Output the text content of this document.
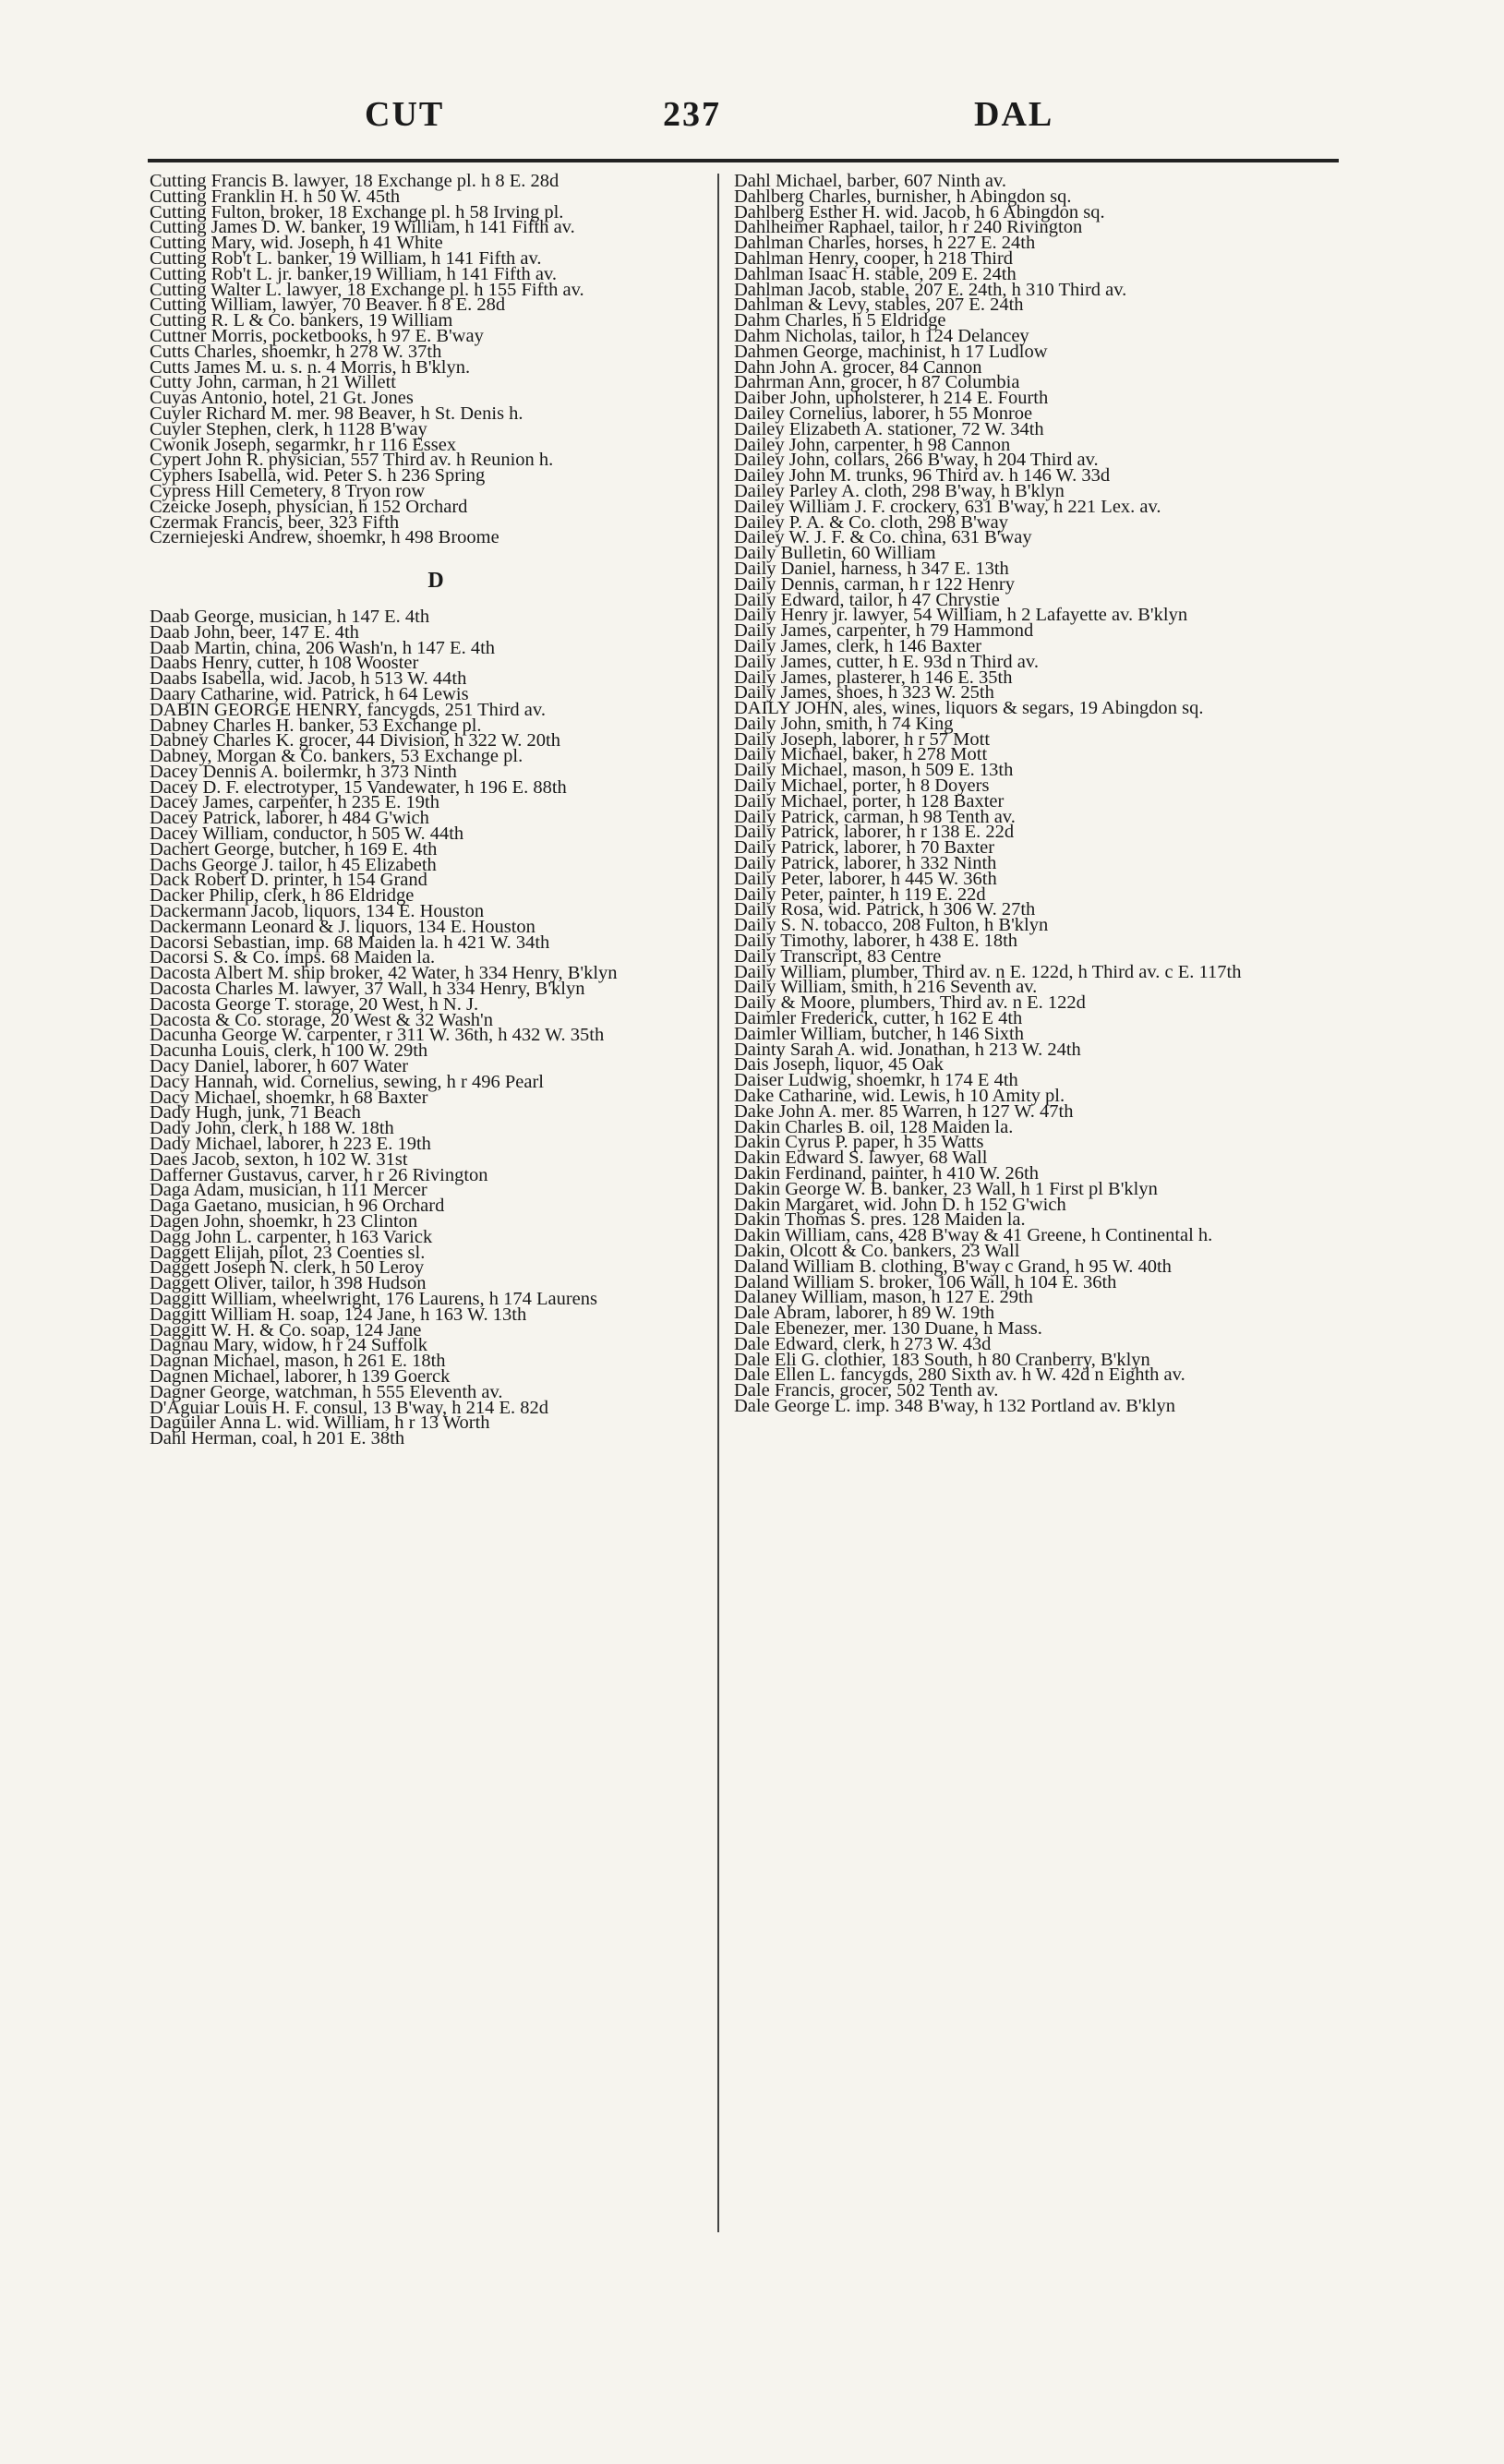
CUT	237	DAL

Cutting Francis B. lawyer, 18 Exchange pl. h 8 E. 28d

Cutting Franklin H. h 50 W. 45th

Cutting Fulton, broker, 18 Exchange pl. h 58 Irving pl.

Cutting James D. W. banker, 19 William, h 141 Fifth av.

Cutting Mary, wid. Joseph, h 41 White

Cutting Rob't L. banker, 19 William, h 141 Fifth av.

Cutting Rob't L. jr. banker,19 William, h 141 Fifth av.

Cutting Walter L. lawyer, 18 Exchange pl. h 155 Fifth av.

Cutting William, lawyer, 70 Beaver. h 8 E. 28d

Cutting R. L & Co. bankers, 19 William

Cuttner Morris, pocketbooks, h 97 E. B'way

Cutts Charles, shoemkr, h 278 W. 37th

Cutts James M. u. s. n. 4 Morris, h B'klyn.

Cutty John, carman, h 21 Willett

Cuyas Antonio, hotel, 21 Gt. Jones

Cuyler Richard M. mer. 98 Beaver, h St. Denis h.

Cuyler Stephen, clerk, h 1128 B'way

Cwonik Joseph, segarmkr, h r 116 Essex

Cypert John R. physician, 557 Third av. h Reunion h.

Cyphers Isabella, wid. Peter S. h 236 Spring

Cypress Hill Cemetery, 8 Tryon row

Czeicke Joseph, physician, h 152 Orchard

Czermak Francis, beer, 323 Fifth

Czerniejeski Andrew, shoemkr, h 498 Broome

D

Daab George, musician, h 147 E. 4th

Daab John, beer, 147 E. 4th

Daab Martin, china, 206 Wash'n, h 147 E. 4th

Daabs Henry, cutter, h 108 Wooster

Daabs Isabella, wid. Jacob, h 513 W. 44th

Daary Catharine, wid. Patrick, h 64 Lewis

DABIN GEORGE HENRY, fancygds, 251 Third av.

Dabney Charles H. banker, 53 Exchange pl.

Dabney Charles K. grocer, 44 Division, h 322 W. 20th

Dabney, Morgan & Co. bankers, 53 Exchange pl.

Dacey Dennis A. boilermkr, h 373 Ninth

Dacey D. F. electrotyper, 15 Vandewater, h 196 E. 88th

Dacey James, carpenter, h 235 E. 19th

Dacey Patrick, laborer, h 484 G'wich

Dacey William, conductor, h 505 W. 44th

Dachert George, butcher, h 169 E. 4th

Dachs George J. tailor, h 45 Elizabeth

Dack Robert D. printer, h 154 Grand

Dacker Philip, clerk, h 86 Eldridge

Dackermann Jacob, liquors, 134 E. Houston

Dackermann Leonard & J. liquors, 134 E. Houston

Dacorsi Sebastian, imp. 68 Maiden la. h 421 W. 34th

Dacorsi S. & Co. imps. 68 Maiden la.

Dacosta Albert M. ship broker, 42 Water, h 334 Henry, B'klyn

Dacosta Charles M. lawyer, 37 Wall, h 334 Henry, B'klyn

Dacosta George T. storage, 20 West, h N. J.

Dacosta & Co. storage, 20 West & 32 Wash'n

Dacunha George W. carpenter, r 311 W. 36th, h 432 W. 35th

Dacunha Louis, clerk, h 100 W. 29th

Dacy Daniel, laborer, h 607 Water

Dacy Hannah, wid. Cornelius, sewing, h r 496 Pearl

Dacy Michael, shoemkr, h 68 Baxter

Dady Hugh, junk, 71 Beach

Dady John, clerk, h 188 W. 18th

Dady Michael, laborer, h 223 E. 19th

Daes Jacob, sexton, h 102 W. 31st

Dafferner Gustavus, carver, h r 26 Rivington

Daga Adam, musician, h 111 Mercer

Daga Gaetano, musician, h 96 Orchard

Dagen John, shoemkr, h 23 Clinton

Dagg John L. carpenter, h 163 Varick

Daggett Elijah, pilot, 23 Coenties sl.

Daggett Joseph N. clerk, h 50 Leroy

Daggett Oliver, tailor, h 398 Hudson

Daggitt William, wheelwright, 176 Laurens, h 174 Laurens

Daggitt William H. soap, 124 Jane, h 163 W. 13th

Daggitt W. H. & Co. soap, 124 Jane

Dagnau Mary, widow, h r 24 Suffolk

Dagnan Michael, mason, h 261 E. 18th

Dagnen Michael, laborer, h 139 Goerck

Dagner George, watchman, h 555 Eleventh av.

D'Aguiar Louis H. F. consul, 13 B'way, h 214 E. 82d

Daguiler Anna L. wid. William, h r 13 Worth

Dahl Herman, coal, h 201 E. 38th

Dahl Michael, barber, 607 Ninth av.

Dahlberg Charles, burnisher, h Abingdon sq.

Dahlberg Esther H. wid. Jacob, h 6 Abingdon sq.

Dahlheimer Raphael, tailor, h r 240 Rivington

Dahlman Charles, horses, h 227 E. 24th

Dahlman Henry, cooper, h 218 Third

Dahlman Isaac H. stable, 209 E. 24th

Dahlman Jacob, stable, 207 E. 24th, h 310 Third av.

Dahlman & Levy, stables, 207 E. 24th

Dahm Charles, h 5 Eldridge

Dahm Nicholas, tailor, h 124 Delancey

Dahmen George, machinist, h 17 Ludlow

Dahn John A. grocer, 84 Cannon

Dahrman Ann, grocer, h 87 Columbia

Daiber John, upholsterer, h 214 E. Fourth

Dailey Cornelius, laborer, h 55 Monroe

Dailey Elizabeth A. stationer, 72 W. 34th

Dailey John, carpenter, h 98 Cannon

Dailey John, collars, 266 B'way, h 204 Third av.

Dailey John M. trunks, 96 Third av. h 146 W. 33d

Dailey Parley A. cloth, 298 B'way, h B'klyn

Dailey William J. F. crockery, 631 B'way, h 221 Lex. av.

Dailey P. A. & Co. cloth, 298 B'way

Dailey W. J. F. & Co. china, 631 B'way

Daily Bulletin, 60 William

Daily Daniel, harness, h 347 E. 13th

Daily Dennis, carman, h r 122 Henry

Daily Edward, tailor, h 47 Chrystie

Daily Henry jr. lawyer, 54 William, h 2 Lafayette av. B'klyn

Daily James, carpenter, h 79 Hammond

Daily James, clerk, h 146 Baxter

Daily James, cutter, h E. 93d n Third av.

Daily James, plasterer, h 146 E. 35th

Daily James, shoes, h 323 W. 25th

DAILY JOHN, ales, wines, liquors & segars, 19 Abingdon sq.

Daily John, smith, h 74 King

Daily Joseph, laborer, h r 57 Mott

Daily Michael, baker, h 278 Mott

Daily Michael, mason, h 509 E. 13th

Daily Michael, porter, h 8 Doyers

Daily Michael, porter, h 128 Baxter

Daily Patrick, carman, h 98 Tenth av.

Daily Patrick, laborer, h r 138 E. 22d

Daily Patrick, laborer, h 70 Baxter

Daily Patrick, laborer, h 332 Ninth

Daily Peter, laborer, h 445 W. 36th

Daily Peter, painter, h 119 E. 22d

Daily Rosa, wid. Patrick, h 306 W. 27th

Daily S. N. tobacco, 208 Fulton, h B'klyn

Daily Timothy, laborer, h 438 E. 18th

Daily Transcript, 83 Centre

Daily William, plumber, Third av. n E. 122d, h Third av. c E. 117th

Daily William, smith, h 216 Seventh av.

Daily & Moore, plumbers, Third av. n E. 122d

Daimler Frederick, cutter, h 162 E 4th

Daimler William, butcher, h 146 Sixth

Dainty Sarah A. wid. Jonathan, h 213 W. 24th

Dais Joseph, liquor, 45 Oak

Daiser Ludwig, shoemkr, h 174 E 4th

Dake Catharine, wid. Lewis, h 10 Amity pl.

Dake John A. mer. 85 Warren, h 127 W. 47th

Dakin Charles B. oil, 128 Maiden la.

Dakin Cyrus P. paper, h 35 Watts

Dakin Edward S. lawyer, 68 Wall

Dakin Ferdinand, painter, h 410 W. 26th

Dakin George W. B. banker, 23 Wall, h 1 First pl B'klyn

Dakin Margaret, wid. John D. h 152 G'wich

Dakin Thomas S. pres. 128 Maiden la.

Dakin William, cans, 428 B'way & 41 Greene, h Continental h.

Dakin, Olcott & Co. bankers, 23 Wall

Daland William B. clothing, B'way c Grand, h 95 W. 40th

Daland William S. broker, 106 Wall, h 104 E. 36th

Dalaney William, mason, h 127 E. 29th

Dale Abram, laborer, h 89 W. 19th

Dale Ebenezer, mer. 130 Duane, h Mass.

Dale Edward, clerk, h 273 W. 43d

Dale Eli G. clothier, 183 South, h 80 Cranberry, B'klyn

Dale Ellen L. fancygds, 280 Sixth av. h W. 42d n Eighth av.

Dale Francis, grocer, 502 Tenth av.

Dale George L. imp. 348 B'way, h 132 Portland av. B'klyn
